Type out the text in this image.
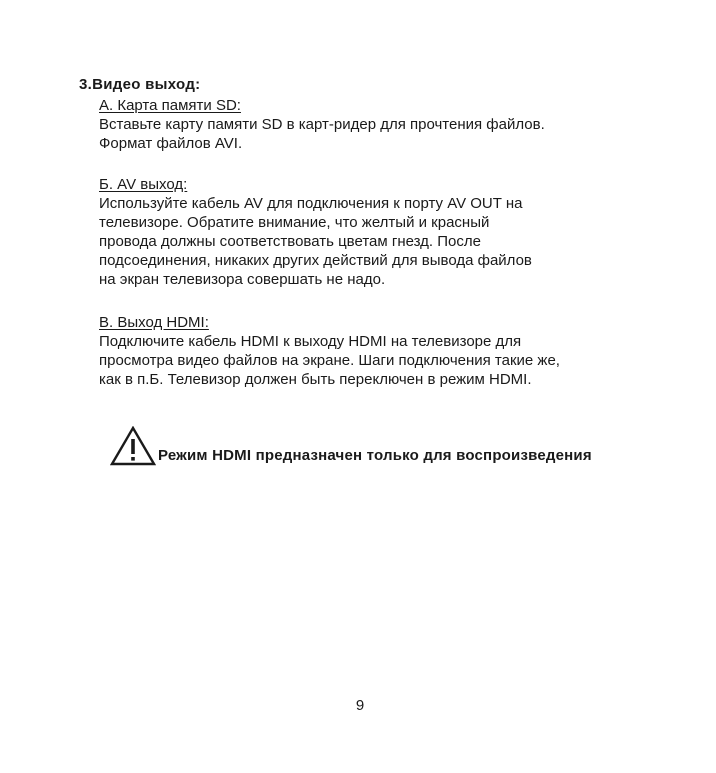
3.Видео выход:

А. Карта памяти SD:

Вставьте карту памяти SD в карт-ридер для прочтения файлов.
Формат файлов AVI.

Б. AV выход:

Используйте кабель AV для подключения к порту AV OUT на
телевизоре. Обратите внимание, что желтый и красный
провода должны соответствовать цветам гнезд. После
подсоединения, никаких других действий для вывода файлов
на экран телевизора совершать не надо.

В. Выход HDMI:

Подключите кабель HDMI к выходу HDMI на телевизоре для
просмотра видео файлов на экране. Шаги подключения такие же,
как в п.Б. Телевизор должен быть переключен в режим HDMI.

Режим HDMI предназначен только для воспроизведения
9
